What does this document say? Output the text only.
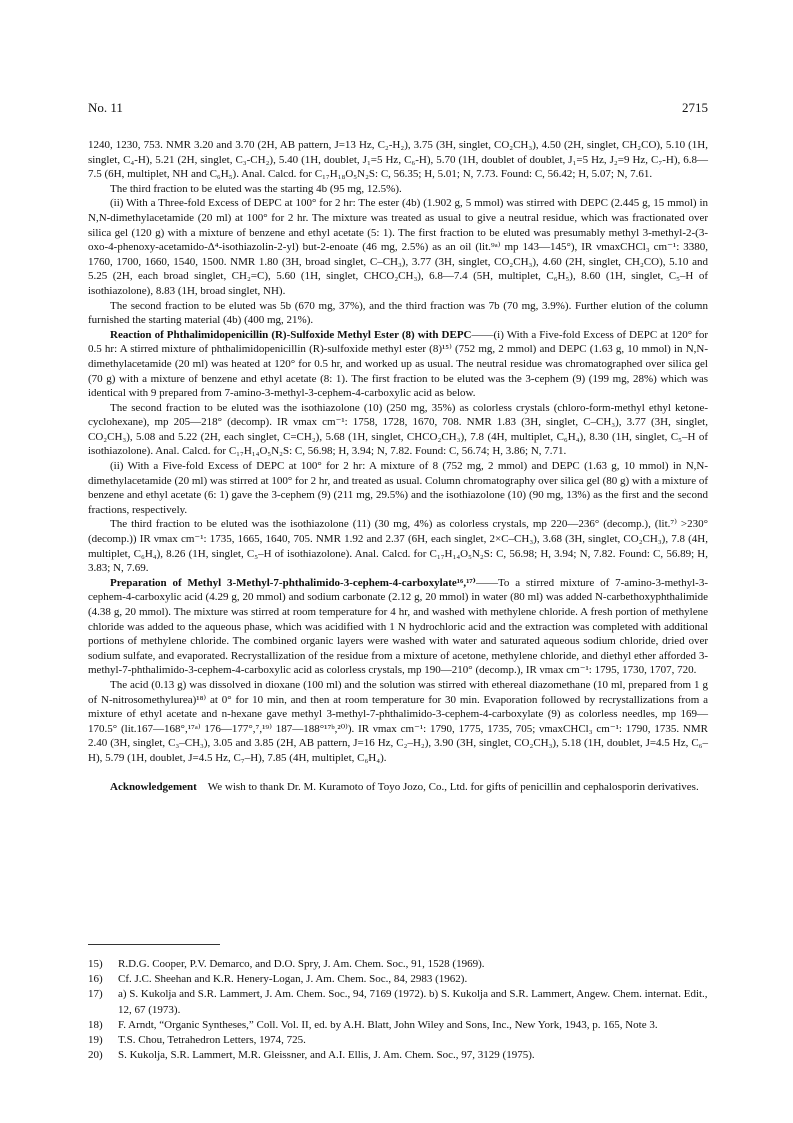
No. 11	2715

1240, 1230, 753. NMR 3.20 and 3.70 (2H, AB pattern, J=13 Hz, C₂-H₂), 3.75 (3H, singlet, CO₂CH₃), 4.50 (2H, singlet, CH₂CO), 5.10 (1H, singlet, C₄-H), 5.21 (2H, singlet, C₃-CH₂), 5.40 (1H, doublet, J₁=5 Hz, C₆-H), 5.70 (1H, doublet of doublet, J₁=5 Hz, J₂=9 Hz, C₇-H), 6.8—7.5 (6H, multiplet, NH and C₆H₅). Anal. Calcd. for C₁₇H₁₈O₅N₂S: C, 56.35; H, 5.01; N, 7.73. Found: C, 56.42; H, 5.07; N, 7.61.

The third fraction to be eluted was the starting 4b (95 mg, 12.5%).

(ii) With a Three-fold Excess of DEPC at 100° for 2 hr: The ester (4b) (1.902 g, 5 mmol) was stirred with DEPC (2.445 g, 15 mmol) in N,N-dimethylacetamide (20 ml) at 100° for 2 hr. The mixture was treated as usual to give a neutral residue, which was fractionated over silica gel (120 g) with a mixture of benzene and ethyl acetate (5: 1). The first fraction to be eluted was presumably methyl 3-methyl-2-(3-oxo-4-phenoxy-acetamido-Δ⁴-isothiazolin-2-yl) but-2-enoate (46 mg, 2.5%) as an oil (lit.⁹ᵃ⁾ mp 143—145°), IR νmaxCHCl₃ cm⁻¹: 3380, 1760, 1700, 1660, 1540, 1500. NMR 1.80 (3H, broad singlet, C–CH₃), 3.77 (3H, singlet, CO₂CH₃), 4.60 (2H, singlet, CH₂CO), 5.10 and 5.25 (2H, each broad singlet, CH₂=C), 5.60 (1H, singlet, CHCO₂CH₃), 6.8—7.4 (5H, multiplet, C₆H₅), 8.60 (1H, singlet, C₅–H of isothiazolone), 8.83 (1H, broad singlet, NH).

The second fraction to be eluted was 5b (670 mg, 37%), and the third fraction was 7b (70 mg, 3.9%). Further elution of the column furnished the starting material (4b) (400 mg, 21%).

Reaction of Phthalimidopenicillin (R)-Sulfoxide Methyl Ester (8) with DEPC——(i) With a Five-fold Excess of DEPC at 120° for 0.5 hr: A stirred mixture of phthalimidopenicillin (R)-sulfoxide methyl ester (8)¹⁵⁾ (752 mg, 2 mmol) and DEPC (1.63 g, 10 mmol) in N,N-dimethylacetamide (20 ml) was heated at 120° for 0.5 hr, and worked up as usual. The neutral residue was chromatographed over silica gel (70 g) with a mixture of benzene and ethyl acetate (8: 1). The first fraction to be eluted was the 3-cephem (9) (199 mg, 28%) which was identical with 9 prepared from 7-amino-3-methyl-3-cephem-4-carboxylic acid as below.

The second fraction to be eluted was the isothiazolone (10) (250 mg, 35%) as colorless crystals (chloro-form-methyl ethyl ketone-cyclohexane), mp 205—218° (decomp). IR νmax cm⁻¹: 1758, 1728, 1670, 708. NMR 1.83 (3H, singlet, C–CH₃), 3.77 (3H, singlet, CO₂CH₃), 5.08 and 5.22 (2H, each singlet, C=CH₂), 5.68 (1H, singlet, CHCO₂CH₃), 7.8 (4H, multiplet, C₆H₄), 8.30 (1H, singlet, C₅–H of isothiazolone). Anal. Calcd. for C₁₇H₁₄O₅N₂S: C, 56.98; H, 3.94; N, 7.82. Found: C, 56.74; H, 3.86; N, 7.71.

(ii) With a Five-fold Excess of DEPC at 100° for 2 hr: A mixture of 8 (752 mg, 2 mmol) and DEPC (1.63 g, 10 mmol) in N,N-dimethylacetamide (20 ml) was stirred at 100° for 2 hr, and treated as usual. Column chromatography over silica gel (80 g) with a mixture of benzene and ethyl acetate (6: 1) gave the 3-cephem (9) (211 mg, 29.5%) and the isothiazolone (10) (90 mg, 13%) as the first and the second fractions, respectively.

The third fraction to be eluted was the isothiazolone (11) (30 mg, 4%) as colorless crystals, mp 220—236° (decomp.), (lit.⁷⁾ >230° (decomp.)) IR νmax cm⁻¹: 1735, 1665, 1640, 705. NMR 1.92 and 2.37 (6H, each singlet, 2×C–CH₃), 3.68 (3H, singlet, CO₂CH₃), 7.8 (4H, multiplet, C₆H₄), 8.26 (1H, singlet, C₅–H of isothiazolone). Anal. Calcd. for C₁₇H₁₄O₅N₂S: C, 56.98; H, 3.94; N, 7.82. Found: C, 56.89; H, 3.83; N, 7.69.

Preparation of Methyl 3-Methyl-7-phthalimido-3-cephem-4-carboxylate¹⁶,¹⁷⁾——To a stirred mixture of 7-amino-3-methyl-3-cephem-4-carboxylic acid (4.29 g, 20 mmol) and sodium carbonate (2.12 g, 20 mmol) in water (80 ml) was added N-carbethoxyphthalimide (4.38 g, 20 mmol). The mixture was stirred at room temperature for 4 hr, and washed with methylene chloride. A fresh portion of methylene chloride was added to the aqueous phase, which was acidified with 1 N hydrochloric acid and the extraction was completed with additional portions of methylene chloride. The combined organic layers were washed with water and saturated aqueous sodium chloride, dried over sodium sulfate, and evaporated. Recrystallization of the residue from a mixture of acetone, methylene chloride, and diethyl ether afforded 3-methyl-7-phthalimido-3-cephem-4-carboxylic acid as colorless crystals, mp 190—210° (decomp.), IR νmax cm⁻¹: 1795, 1730, 1707, 720.

The acid (0.13 g) was dissolved in dioxane (100 ml) and the solution was stirred with ethereal diazomethane (10 ml, prepared from 1 g of N-nitrosomethylurea)¹⁸⁾ at 0° for 10 min, and then at room temperature for 30 min. Evaporation followed by recrystallizations from a mixture of ethyl acetate and n-hexane gave methyl 3-methyl-7-phthalimido-3-cephem-4-carboxylate (9) as colorless needles, mp 169—170.5° (lit.167—168°,¹⁷ᵃ⁾ 176—177°,⁷,¹⁹⁾ 187—188°¹⁷ᵇ,²⁰⁾). IR νmax cm⁻¹: 1790, 1775, 1735, 705; νmaxCHCl₃ cm⁻¹: 1790, 1735. NMR 2.40 (3H, singlet, C₃–CH₃), 3.05 and 3.85 (2H, AB pattern, J=16 Hz, C₂–H₂), 3.90 (3H, singlet, CO₂CH₃), 5.18 (1H, doublet, J=4.5 Hz, C₆–H), 5.79 (1H, doublet, J=4.5 Hz, C₇–H), 7.85 (4H, multiplet, C₆H₄).

Acknowledgement We wish to thank Dr. M. Kuramoto of Toyo Jozo, Co., Ltd. for gifts of penicillin and cephalosporin derivatives.

15)	R.D.G. Cooper, P.V. Demarco, and D.O. Spry, J. Am. Chem. Soc., 91, 1528 (1969).
16)	Cf. J.C. Sheehan and K.R. Henery-Logan, J. Am. Chem. Soc., 84, 2983 (1962).
17)	a) S. Kukolja and S.R. Lammert, J. Am. Chem. Soc., 94, 7169 (1972). b) S. Kukolja and S.R. Lammert, Angew. Chem. internat. Edit., 12, 67 (1973).
18)	F. Arndt, “Organic Syntheses,” Coll. Vol. II, ed. by A.H. Blatt, John Wiley and Sons, Inc., New York, 1943, p. 165, Note 3.
19)	T.S. Chou, Tetrahedron Letters, 1974, 725.
20)	S. Kukolja, S.R. Lammert, M.R. Gleissner, and A.I. Ellis, J. Am. Chem. Soc., 97, 3129 (1975).
